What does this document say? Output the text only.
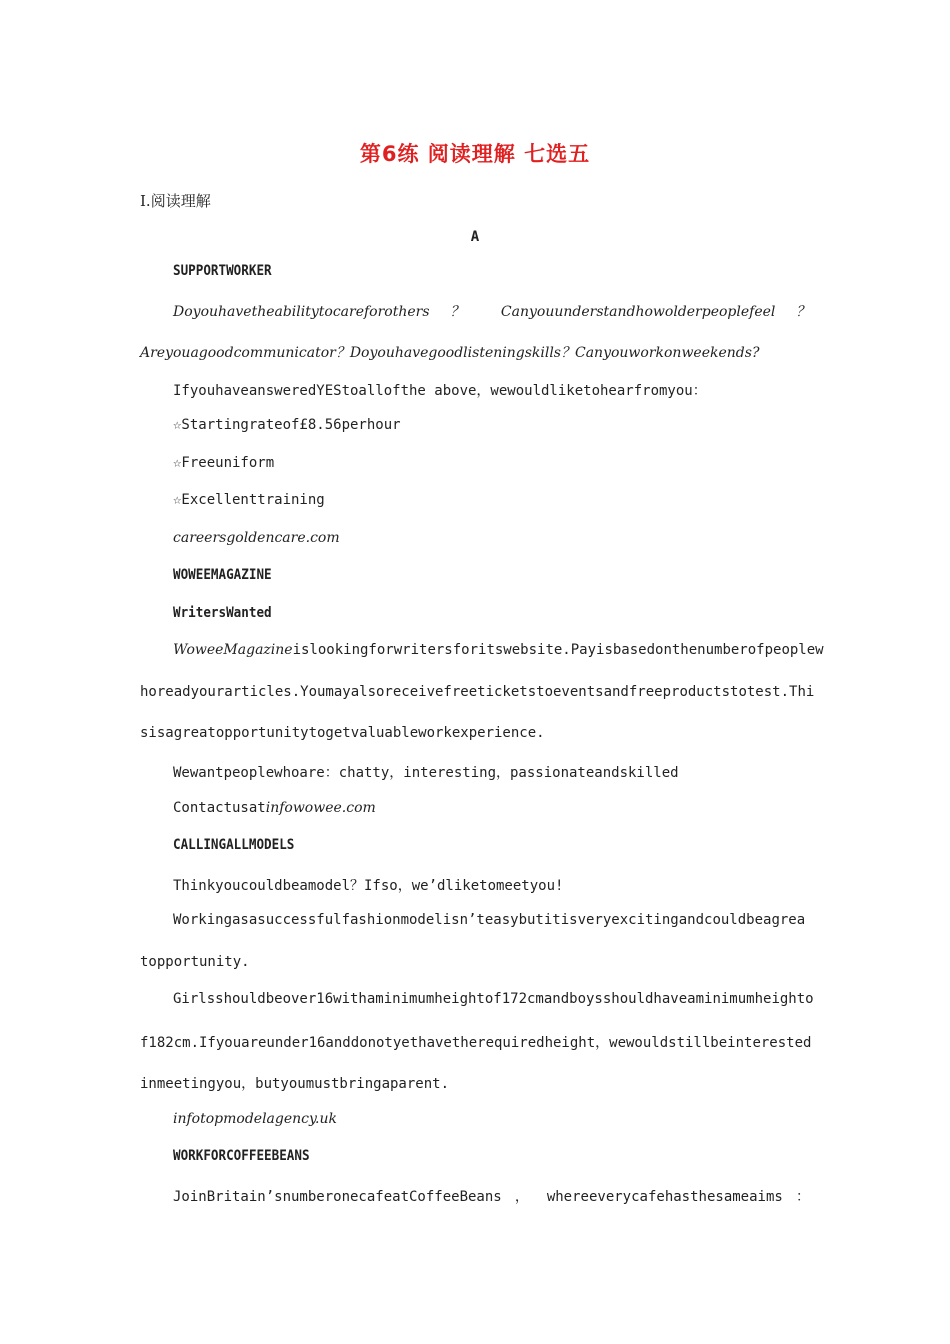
第6练 阅读理解 七选五
Ⅰ.阅读理解
A
SUPPORTWORKER
Doyouhavetheabilitytocareforothers ？ Canyouunderstandhowolderpeoplefeel ？
Areyouagoodcommunicator？Doyouhavegoodlisteningskills？Canyouworkonweekends?
IfyouhaveansweredYEStoallofthe above，wewouldliketohearfromyou：
☆Startingrateof£8.56perhour
☆Freeuniform
☆Excellenttraining
careersgoldencare.com
WOWEEMAGAZINE
WritersWanted
WoweeMagazineislookingforwritersforitswebsite.Payisbasedonthenumberofpeoplew
horeadyourarticles.Youmayalsoreceivefreeticketstoeventsandfreeproductstotest.Thi
sisagreatopportunitytogetvaluableworkexperience.
Wewantpeoplewhoare：chatty，interesting，passionateandskilled
Contactusatinfowowee.com
CALLINGALLMODELS
Thinkyoucouldbeamodel？Ifso，we’dliketomeetyou!
Workingasasuccessfulfashionmodelisn’teasybutitisveryexcitingandcouldbeagrea
topportunity.
Girlsshouldbeover16withaminimumheightof172cmandboysshouldhaveaminimumheighto
f182cm.Ifyouareunder16anddonotyethavetherequiredheight，wewouldstillbeinterested
inmeetingyou，butyoumustbringaparent.
infotopmodelagency.uk
WORKFORCOFFEEBEANS
JoinBritain’snumberonecafeatCoffeeBeans ， whereeverycafehasthesameaims ：
